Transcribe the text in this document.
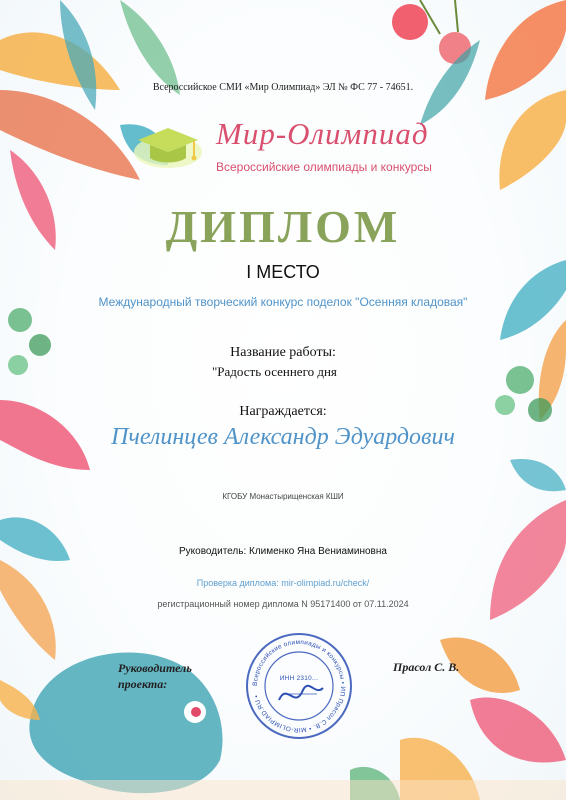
Всероссийское СМИ «Мир Олимпиад» ЭЛ № ФС 77 - 74651.
Мир-Олимпиад
Всероссийские олимпиады и конкурсы
ДИПЛОМ
I МЕСТО
Международный творческий конкурс поделок "Осенняя кладовая"
Название работы:
"Радость осеннего дня
Награждается:
Пчелинцев Александр Эдуардович
КГОБУ Монастырищенская КШИ
Руководитель: Клименко Яна Вениаминовна
Проверка диплома: mir-olimpiad.ru/check/
регистрационный номер диплома N 95171400 от 07.11.2024
Руководитель
проекта:
Прасол С. В.
Всероссийские олимпиады и конкурсы • ИП Прасол С.В. • MIR-OLIMPIAD.RU •
ИНН 2310...
